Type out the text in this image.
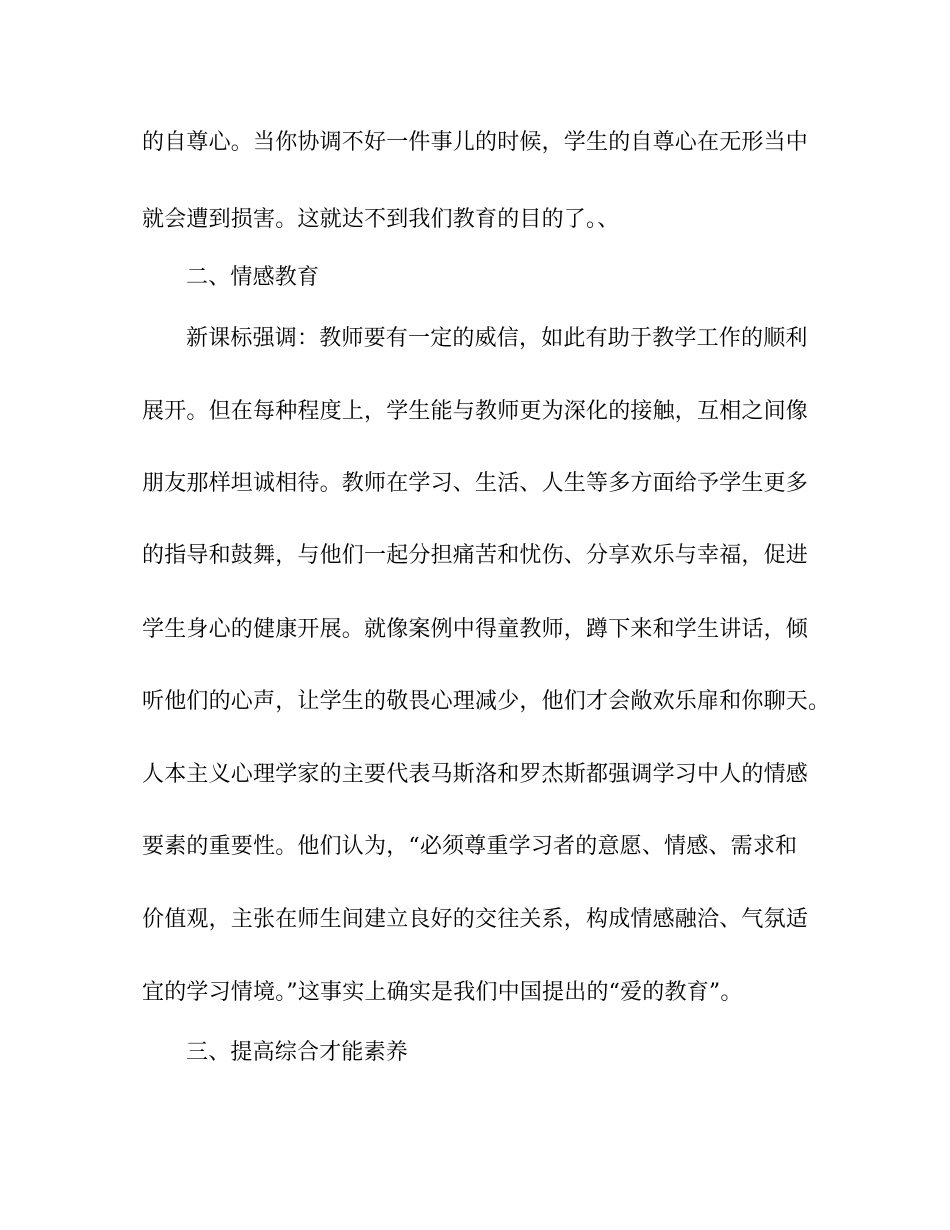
的自尊心。当你协调不好一件事儿的时候，学生的自尊心在无形当中
就会遭到损害。这就达不到我们教育的目的了。、
二、情感教育
新课标强调：教师要有一定的威信，如此有助于教学工作的顺利
展开。但在每种程度上，学生能与教师更为深化的接触，互相之间像
朋友那样坦诚相待。教师在学习、生活、人生等多方面给予学生更多
的指导和鼓舞，与他们一起分担痛苦和忧伤、分享欢乐与幸福，促进
学生身心的健康开展。就像案例中得童教师，蹲下来和学生讲话，倾
听他们的心声，让学生的敬畏心理减少，他们才会敞欢乐扉和你聊天。
人本主义心理学家的主要代表马斯洛和罗杰斯都强调学习中人的情感
要素的重要性。他们认为，“必须尊重学习者的意愿、情感、需求和
价值观，主张在师生间建立良好的交往关系，构成情感融洽、气氛适
宜的学习情境。”这事实上确实是我们中国提出的“爱的教育”。
三、提高综合才能素养
